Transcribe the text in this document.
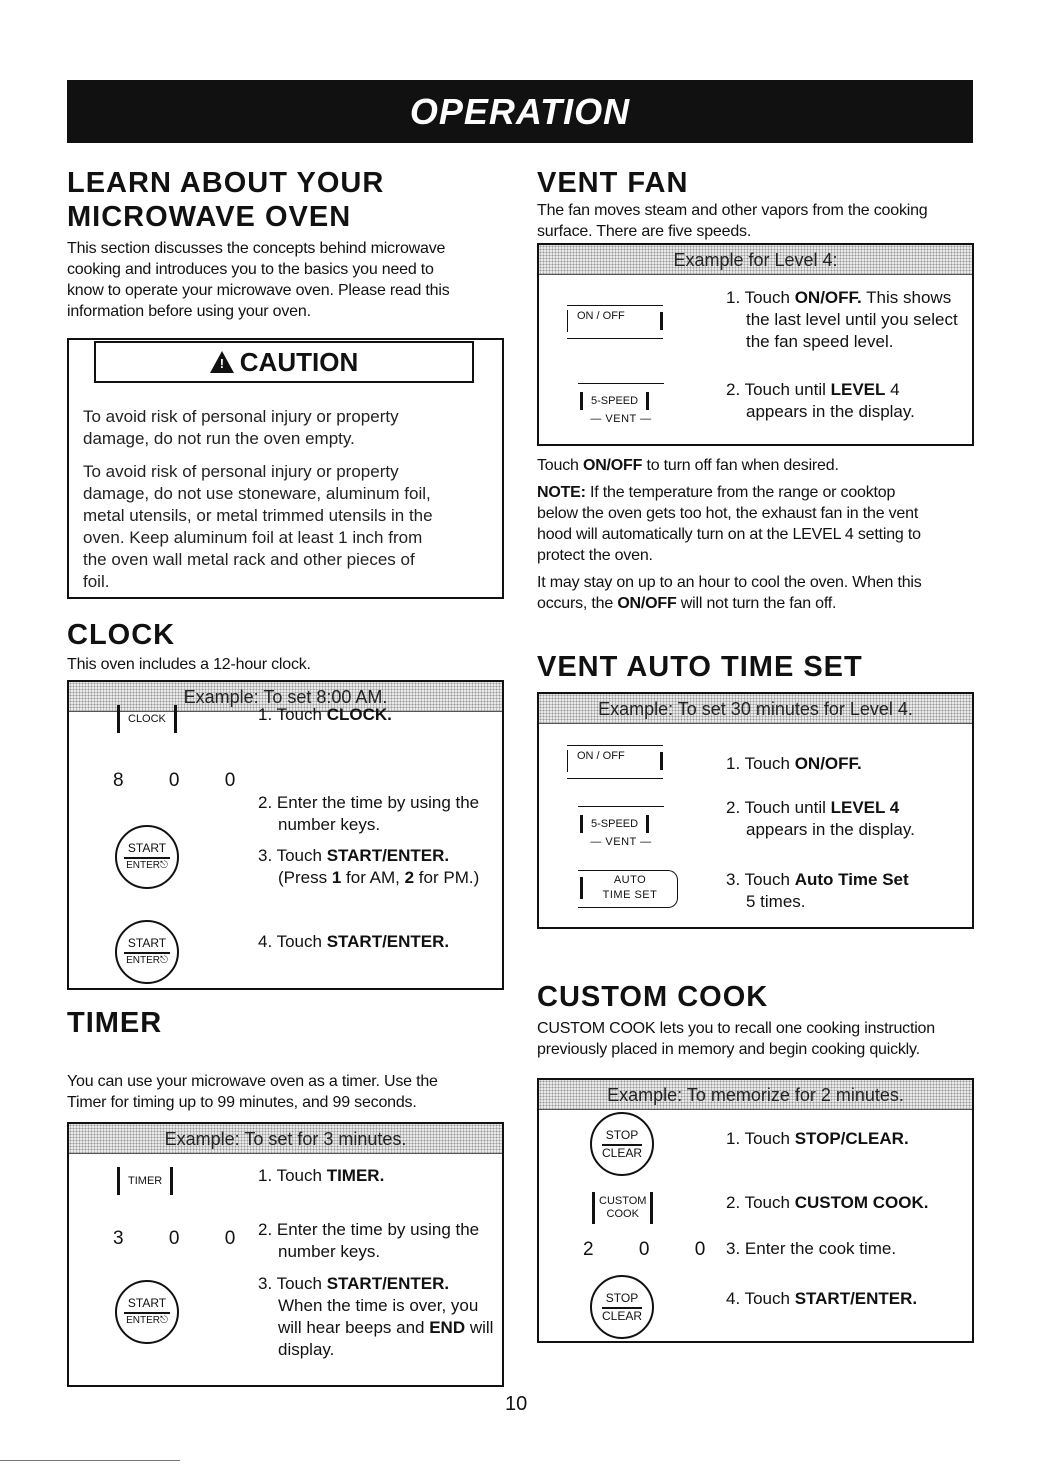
OPERATION
LEARN ABOUT YOUR
MICROWAVE OVEN
This section discusses the concepts behind microwave
cooking and introduces you to the basics you need to
know to operate your microwave oven. Please read this
information before using your oven.
!CAUTION
To avoid risk of personal injury or property
damage, do not run the oven empty.
To avoid risk of personal injury or property
damage, do not use stoneware, aluminum foil,
metal utensils, or metal trimmed utensils in the
oven. Keep aluminum foil at least 1 inch from
the oven wall metal rack and other pieces of
foil.
CLOCK
This oven includes a 12-hour clock.
Example: To set 8:00 AM.
CLOCK
8 0 0
START
ENTER⎋
START
ENTER⎋
1. Touch CLOCK.
2. Enter the time by using the
number keys.
3. Touch START/ENTER.
(Press 1 for AM, 2 for PM.)
4. Touch START/ENTER.
TIMER
You can use your microwave oven as a timer. Use the
Timer for timing up to 99 minutes, and 99 seconds.
Example: To set for 3 minutes.
TIMER
3 0 0
START
ENTER⎋
1. Touch TIMER.
2. Enter the time by using the
number keys.
3. Touch START/ENTER.
When the time is over, you
will hear beeps and END will
display.
VENT FAN
The fan moves steam and other vapors from the cooking
surface. There are five speeds.
Example for Level 4:
ON / OFF
5-SPEED
— VENT —
1. Touch ON/OFF. This shows
the last level until you select
the fan speed level.
2. Touch until LEVEL 4
appears in the display.
Touch ON/OFF to turn off fan when desired.
NOTE: If the temperature from the range or cooktop
below the oven gets too hot, the exhaust fan in the vent
hood will automatically turn on at the LEVEL 4 setting to
protect the oven.
It may stay on up to an hour to cool the oven. When this
occurs, the ON/OFF will not turn the fan off.
VENT AUTO TIME SET
Example: To set 30 minutes for Level 4.
ON / OFF
5-SPEED
— VENT —
AUTO
TIME SET
1. Touch ON/OFF.
2. Touch until LEVEL 4
appears in the display.
3. Touch Auto Time Set
5 times.
CUSTOM COOK
CUSTOM COOK lets you to recall one cooking instruction
previously placed in memory and begin cooking quickly.
Example: To memorize for 2 minutes.
STOP
CLEAR
CUSTOM
COOK
2 0 0
STOP
CLEAR
1. Touch STOP/CLEAR.
2. Touch CUSTOM COOK.
3. Enter the cook time.
4. Touch START/ENTER.
10
